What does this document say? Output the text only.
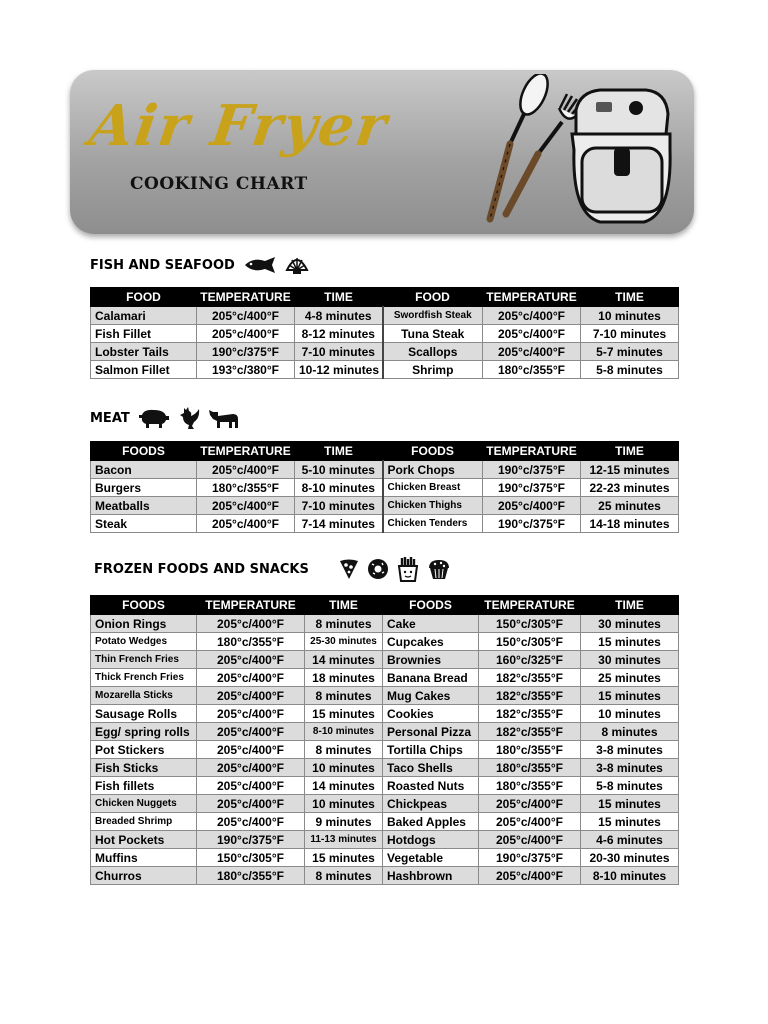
Air Fryer
COOKING CHART
FISH AND SEAFOOD
FOOD	TEMPERATURE	TIME	FOOD	TEMPERATURE	TIME
Calamari	205°c/400°F	4-8 minutes	Swordfish Steak	205°c/400°F	10 minutes
Fish Fillet	205°c/400°F	8-12 minutes	Tuna Steak	205°c/400°F	7-10 minutes
Lobster Tails	190°c/375°F	7-10 minutes	Scallops	205°c/400°F	5-7 minutes
Salmon Fillet	193°c/380°F	10-12 minutes	Shrimp	180°c/355°F	5-8 minutes
MEAT
FOODS	TEMPERATURE	TIME	FOODS	TEMPERATURE	TIME
Bacon	205°c/400°F	5-10 minutes	Pork Chops	190°c/375°F	12-15 minutes
Burgers	180°c/355°F	8-10 minutes	Chicken Breast	190°c/375°F	22-23 minutes
Meatballs	205°c/400°F	7-10 minutes	Chicken Thighs	205°c/400°F	25 minutes
Steak	205°c/400°F	7-14 minutes	Chicken Tenders	190°c/375°F	14-18 minutes
FROZEN FOODS AND SNACKS
FOODS	TEMPERATURE	TIME	FOODS	TEMPERATURE	TIME
Onion Rings	205°c/400°F	8 minutes	Cake	150°c/305°F	30 minutes
Potato Wedges	180°c/355°F	25-30 minutes	Cupcakes	150°c/305°F	15 minutes
Thin French Fries	205°c/400°F	14 minutes	Brownies	160°c/325°F	30 minutes
Thick French Fries	205°c/400°F	18 minutes	Banana Bread	182°c/355°F	25 minutes
Mozarella Sticks	205°c/400°F	8 minutes	Mug Cakes	182°c/355°F	15 minutes
Sausage Rolls	205°c/400°F	15 minutes	Cookies	182°c/355°F	10 minutes
Egg/ spring rolls	205°c/400°F	8-10 minutes	Personal Pizza	182°c/355°F	8 minutes
Pot Stickers	205°c/400°F	8 minutes	Tortilla Chips	180°c/355°F	3-8 minutes
Fish Sticks	205°c/400°F	10 minutes	Taco Shells	180°c/355°F	3-8 minutes
Fish fillets	205°c/400°F	14 minutes	Roasted Nuts	180°c/355°F	5-8 minutes
Chicken Nuggets	205°c/400°F	10 minutes	Chickpeas	205°c/400°F	15 minutes
Breaded Shrimp	205°c/400°F	9 minutes	Baked Apples	205°c/400°F	15 minutes
Hot Pockets	190°c/375°F	11-13 minutes	Hotdogs	205°c/400°F	4-6 minutes
Muffins	150°c/305°F	15 minutes	Vegetable	190°c/375°F	20-30 minutes
Churros	180°c/355°F	8 minutes	Hashbrown	205°c/400°F	8-10 minutes
